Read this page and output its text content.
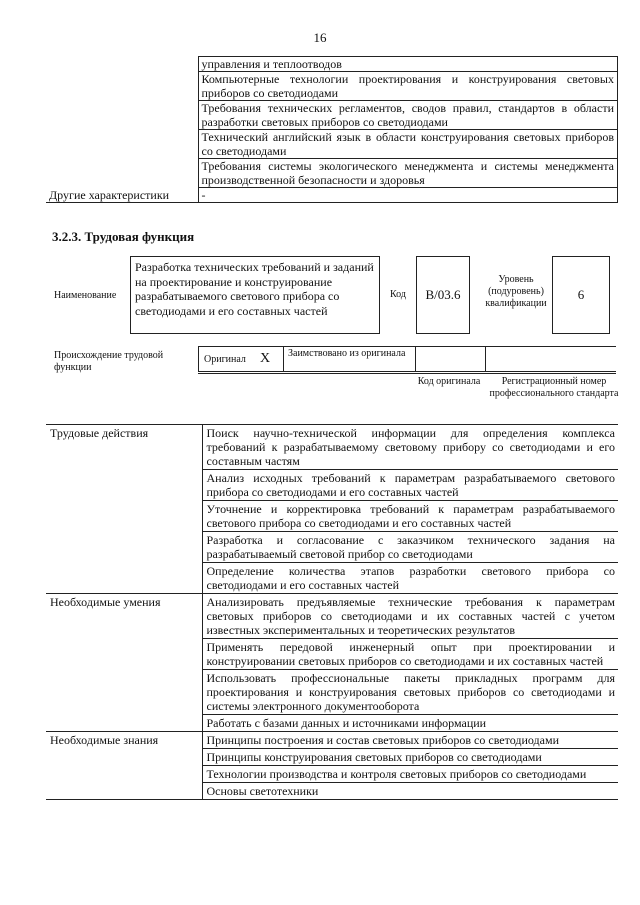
16
	управления и теплоотводов
	Компьютерные технологии проектирования и конструирования световых приборов со светодиодами
	Требования технических регламентов, сводов правил, стандартов в области разработки световых приборов со светодиодами
	Технический английский язык в области конструирования световых приборов со светодиодами
	Требования системы экологического менеджмента и системы менеджмента производственной безопасности и здоровья
Другие характеристики	-
3.2.3. Трудовая функция
Наименование
Разработка технических требований и заданий на проектирование и конструирование разрабатываемого светового прибора со светодиодами и его составных частей
Код	В/03.6
Уровень (подуровень) квалификации
6
Происхождение трудовой функции
Оригинал X Заимствовано из оригинала
Код оригинала	Регистрационный номер профессионального стандарта
Трудовые действия	Поиск научно-технической информации для определения комплекса требований к разрабатываемому световому прибору со светодиодами и его составным частям
	Анализ исходных требований к параметрам разрабатываемого светового прибора со светодиодами и его составных частей
	Уточнение и корректировка требований к параметрам разрабатываемого светового прибора со светодиодами и его составных частей
	Разработка и согласование с заказчиком технического задания на разрабатываемый световой прибор со светодиодами
	Определение количества этапов разработки светового прибора со светодиодами и его составных частей
Необходимые умения	Анализировать предъявляемые технические требования к параметрам световых приборов со светодиодами и их составных частей с учетом известных экспериментальных и теоретических результатов
	Применять передовой инженерный опыт при проектировании и конструировании световых приборов со светодиодами и их составных частей
	Использовать профессиональные пакеты прикладных программ для проектирования и конструирования световых приборов со светодиодами и системы электронного документооборота
	Работать с базами данных и источниками информации
Необходимые знания	Принципы построения и состав световых приборов со светодиодами
	Принципы конструирования световых приборов со светодиодами
	Технологии производства и контроля световых приборов со светодиодами
	Основы светотехники
